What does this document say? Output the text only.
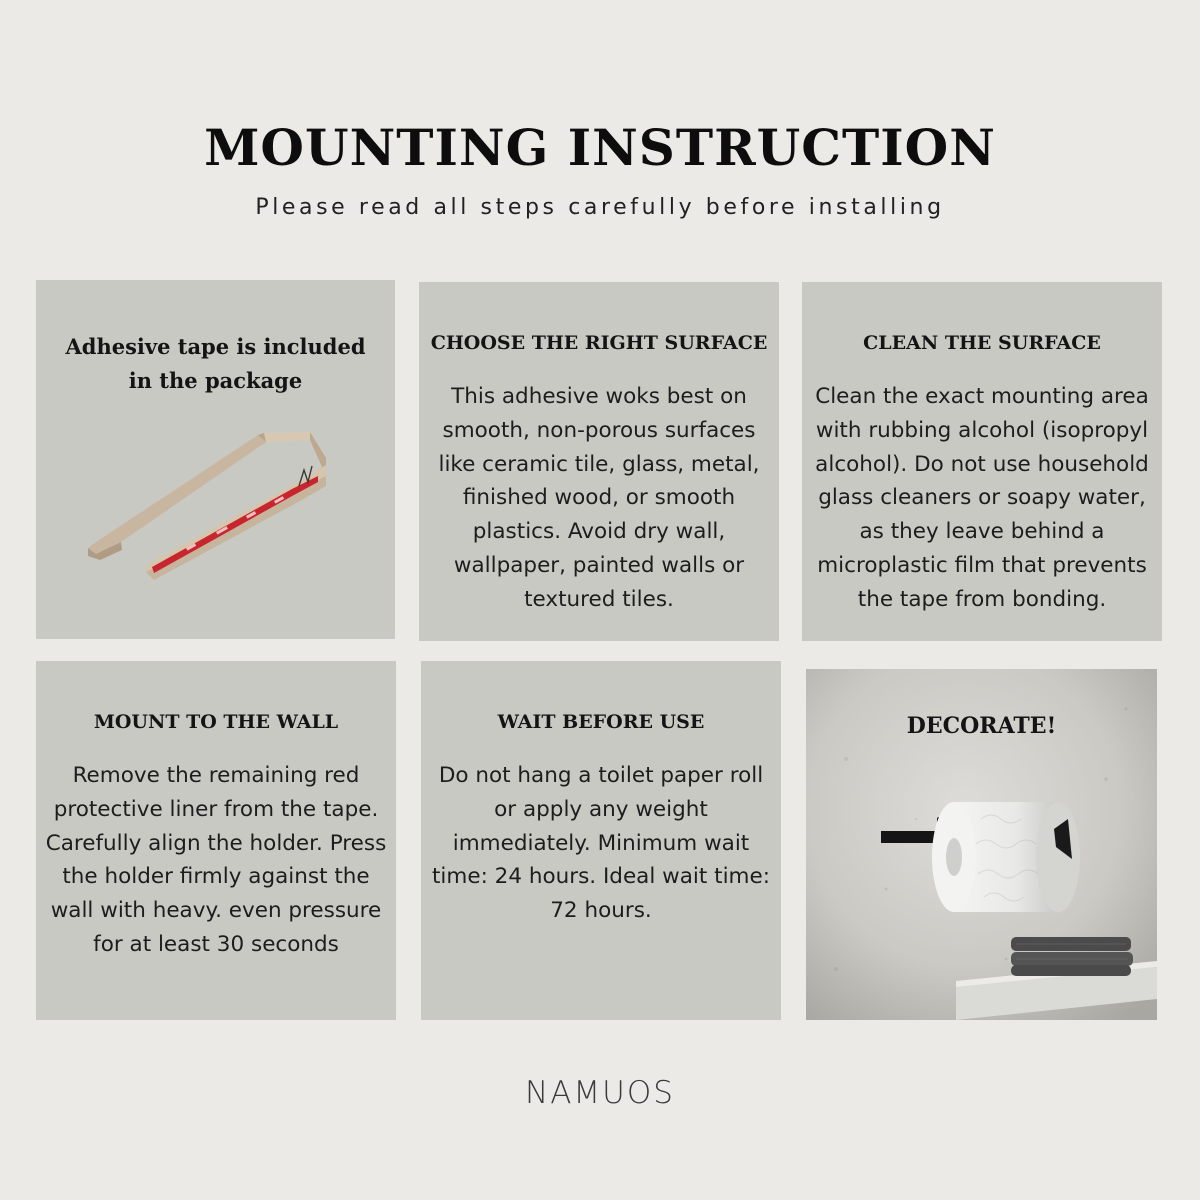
MOUNTING INSTRUCTION
Please read all steps carefully before installing
Adhesive tape is included
in the package
CHOOSE THE RIGHT SURFACE
This adhesive woks best on
smooth, non-porous surfaces
like ceramic tile, glass, metal,
finished wood, or smooth
plastics. Avoid dry wall,
wallpaper, painted walls or
textured tiles.
CLEAN THE SURFACE
Clean the exact mounting area
with rubbing alcohol (isopropyl
alcohol). Do not use household
glass cleaners or soapy water,
as they leave behind a
microplastic film that prevents
the tape from bonding.
MOUNT TO THE WALL
Remove the remaining red
protective liner from the tape.
Carefully align the holder. Press
the holder firmly against the
wall with heavy. even pressure
for at least 30 seconds
WAIT BEFORE USE
Do not hang a toilet paper roll
or apply any weight
immediately. Minimum wait
time: 24 hours. Ideal wait time:
72 hours.
DECORATE!
NAMUOS
